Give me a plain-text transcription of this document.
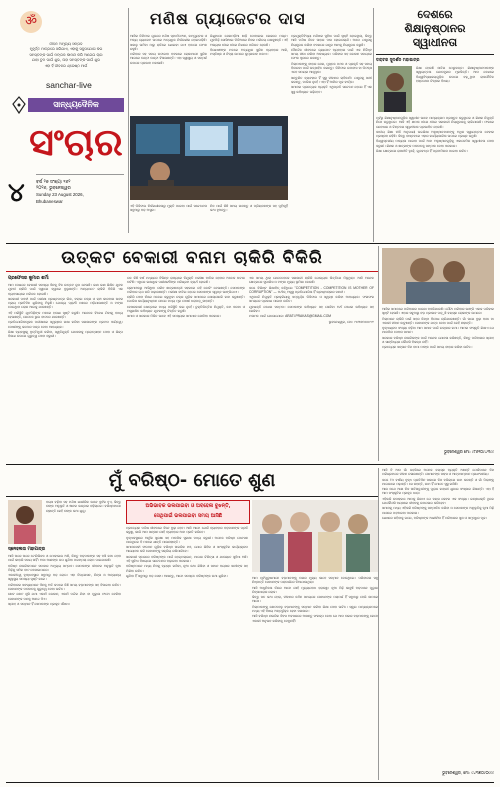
ॐ
ଜୀବନ ଅମୂଲ୍ୟ ସମ୍ପଦ
ମୁହୂର୍ତ୍ତ ମାତ୍ରରେ ସରିଯାଏ, ଏହାକୁ ସଦୁପଯୋଗ କର
ସମସ୍ତଙ୍କ ପାଇଁ ମଙ୍ଗଳ କାମନା କରି ଆଗେଇ ଚାଲ
ଯାହା ତୁମ ପାଇଁ ଶୁଭ, ତାହା ସମସ୍ତଙ୍କ ପାଇଁ ଶୁଭ
ଏହା ହିଁ ଜୀବନର ଶ୍ରେଷ୍ଠ ମାର୍ଗ
sanchar-live
ସାନ୍ଧ୍ୟଦୈନିକ
ସଂଚାର
୪	ବର୍ଷ ୨୭ ସଂଖ୍ୟା ୧୬୨
୨୦୨୬, ଭୁବନେଶ୍ୱର
Sunday 23 August 2026,
Bhubaneswar
ମଣିଷ ଗ୍ୟାଜେଟର ଦାସ

ଆଜିର ଡିଜିଟାଲ ଯୁଗରେ ମଣିଷ ସ୍ମାର୍ଟଫୋନ, କମ୍ପ୍ୟୁଟର ଓ ଅନ୍ୟ ଗ୍ୟାଜେଟ ଉପରେ ଅତ୍ୟଧିକ ନିର୍ଭରଶୀଳ ହୋଇପଡ଼ିଛି। ସକାଳୁ ଉଠିବା ଠାରୁ ରାତିରେ ଶୋଇବା ଯାଏ ହାତରେ ଫୋନ ରହୁଛି।

ପରିବାର ସହ ସମୟ କଟାଇବା ବଦଳରେ ଲୋକମାନେ ସ୍କ୍ରିନ ଆଗରେ ଘଣ୍ଟା ଘଣ୍ଟା ବିତାଉଛନ୍ତି। ଏହା ସ୍ୱାସ୍ଥ୍ୟ ଓ ସମ୍ପର୍କ ଉପରେ ପ୍ରଭାବ ପକାଉଛି।

ଶିଶୁମାନେ ଖେଳପଡ଼ିଆ ଛାଡ଼ି ମୋବାଇଲ ଖେଳରେ ମଗ୍ନ। ଯୁବପିଢ଼ି ସୋସିଆଲ ମିଡିଆରେ ନିଜର ପରିଚୟ ଖୋଜୁଛନ୍ତି। ଏହି ଅଭ୍ୟାସ ଧୀରେ ଧୀରେ ନିଶାରେ ପରିଣତ ହେଉଛି।

ବିଶେଷଜ୍ଞଙ୍କ ମତରେ ଅତ୍ୟଧିକ ସ୍କ୍ରିନ ବ୍ୟବହାର ଆଖି, ମସ୍ତିଷ୍କ ଓ ନିଦ୍ରା ଉପରେ କୁପ୍ରଭାବ ପକାଏ।

ପ୍ରଯୁକ୍ତିବିଦ୍ୟା ମଣିଷର ସୁବିଧା ପାଇଁ ସୃଷ୍ଟି ହୋଇଥିଲା, କିନ୍ତୁ ଆଜି ମଣିଷ ନିଜେ ତାହାର ଦାସ ହୋଇଗଲାଣି। ଆମେ ଯନ୍ତ୍ରକୁ ନିୟନ୍ତ୍ରଣ କରିବା ବଦଳରେ ଯନ୍ତ୍ର ଆମକୁ ନିୟନ୍ତ୍ରଣ କରୁଛି।

ଦୈନନ୍ଦିନ ଜୀବନରେ ଗ୍ୟାଜେଟ ବ୍ୟବହାର ପାଇଁ ଏକ ନିର୍ଦ୍ଦିଷ୍ଟ ସମୟ ସୀମା ରଖିବା ଆବଶ୍ୟକ। ପରିବାର ସହ ଭୋଜନ ସମୟରେ ଫୋନ ଦୂରରେ ରଖନ୍ତୁ।

ପିଲାମାନଙ୍କୁ ବାହାର ଖେଳ, ପୁସ୍ତକ ପଠନ ଓ ପ୍ରକୃତି ସହ ସମୟ ବିତାଇବା ପାଇଁ ଉତ୍ସାହିତ କରନ୍ତୁ। ଡିଜିଟାଲ ଉପବାସ ବା ଡିଟକ୍ସ ଏବେ ସମୟର ଆହ୍ୱାନ।

ସନ୍ତୁଳିତ ବ୍ୟବହାର ହିଁ ସୁସ୍ଥ ଜୀବନର ଚାବିକାଠି। ଯନ୍ତ୍ରକୁ ସାଥୀ କରନ୍ତୁ, ମାଲିକ ନୁହେଁ। ଏହା ହିଁ ଆଜିର ମୂଳ ବାର୍ତ୍ତା।

ସମାଜର ପ୍ରତ୍ୟେକ ବ୍ୟକ୍ତି ଏଥିପ୍ରତି ସଚେତନ ହେଲେ ହିଁ ଏକ ସୁସ୍ଥ ଭବିଷ୍ୟତ ଗଢ଼ିହେବ।

ଏହି ଡିଜିଟାଲ ନିର୍ଭରଶୀଳତାରୁ ମୁକ୍ତି ପାଇବା ପାଇଁ ସଚେତନତା ସବୁଠାରୁ ବଡ଼ ଅସ୍ତ୍ର।

ନିଜ ପାଇଁ କିଛି ସମୟ ରଖନ୍ତୁ ଓ ପ୍ରିୟଜନଙ୍କ ସହ ମୁହାଁମୁହିଁ କଥା ହୁଅନ୍ତୁ।

ଦେଶରେ
ଶିକ୍ଷାନୁଷ୍ଠାନର
ସ୍ୱାଧୀନତା
ଡକ୍ଟର ସୁଦର୍ଶନ ମହାପାତ୍ର

ଶିକ୍ଷା ହେଉଛି ଜାତିର ମେରୁଦଣ୍ଡ। ଶିକ୍ଷାନୁଷ୍ଠାନମାନଙ୍କ ସ୍ୱାୟତ୍ତତା ଗଣତନ୍ତ୍ରର ମୂଳଭିତ୍ତି। ଆମ ଦେଶରେ ବିଶ୍ୱବିଦ୍ୟାଳୟଗୁଡ଼ିକ ଉପରେ ବଢ଼ୁଥିବା ରାଜନୈତିକ ହସ୍ତକ୍ଷେପ ଚିନ୍ତାର ବିଷୟ।

ପୂର୍ବରୁ ଶିକ୍ଷାନୁଷ୍ଠାନଗୁଡ଼ିକ ସ୍ୱାଧୀନ ଭାବେ ପାଠ୍ୟକ୍ରମ ପ୍ରସ୍ତୁତ କରୁଥିଲେ ଓ ଶିକ୍ଷକ ନିଯୁକ୍ତି ନିଜେ କରୁଥିଲେ। ଆଜି ଏହି କ୍ଷମତା ଧୀରେ ଧୀରେ ସରକାରୀ ନିୟନ୍ତ୍ରଣକୁ ଚାଲିଯାଉଛି। ଫଳରେ ଗବେଷଣା ଓ ଚିନ୍ତନର ସ୍ୱାଧୀନତା ପ୍ରଭାବିତ ହେଉଛି।

ଜାତୀୟ ଶିକ୍ଷା ନୀତି ଅନୁଯାୟୀ ଉଚ୍ଚଶିକ୍ଷା ଅନୁଷ୍ଠାନମାନଙ୍କୁ ଅଧିକ ସ୍ୱାୟତ୍ତତା ଦେବାର ପ୍ରସ୍ତାବ ରହିଛି। କିନ୍ତୁ ବାସ୍ତବରେ ଏହାର କାର୍ଯ୍ୟକାରିତା ଉପରେ ପ୍ରଶ୍ନ ଉଠୁଛି।

ବିଶ୍ୱସ୍ତରୀୟ ମାନ୍ୟତା ପାଇବା ପାଇଁ ଆମ ଅନୁଷ୍ଠାନଗୁଡ଼ିକୁ ଏକାଡେମିକ ସ୍ୱାଧୀନତା ଦେବା ଜରୁରୀ। ଶିକ୍ଷକ ଓ ଛାତ୍ରଙ୍କ ମତାମତକୁ ସମ୍ମାନ ଦେବା ଦରକାର।

ଶିକ୍ଷା କ୍ଷେତ୍ରରେ ରାଜନୀତି ନୁହେଁ, ଗୁଣବତ୍ତା ହିଁ ପ୍ରାଥମିକତା ପାଇବା ଉଚିତ।

ଉତ୍କଟ ବେକାରୀ ବନାମ ଚାକିରି ବିକିରି
ପ୍ରଫେସର କୁମାର ଶର୍ମା

ଆମ ଦେଶରେ ବେକାରୀ ସମସ୍ୟା ଦିନକୁ ଦିନ ଉତ୍କଟ ରୂପ ନେଉଛି। ଲକ୍ଷ ଲକ୍ଷ ଶିକ୍ଷିତ ଯୁବକ ଯୁବତୀ ଚାକିରି ପାଇଁ ଦ୍ୱାରେ ଦ୍ୱାରେ ବୁଲୁଛନ୍ତି। ଅନ୍ୟପଟେ ଚାକିରି ବିକିରି ଏକ ବ୍ୟବସାୟରେ ପରିଣତ ହୋଇଛି।

ସରକାରୀ ପଦବୀ ପାଇଁ ପରୀକ୍ଷା ପ୍ରଶ୍ନପତ୍ର ଲିକ, ଦଲାଲ ଚକ୍ର ଓ ଲାଞ୍ଚ କାରବାର ଖବର ପ୍ରାୟ ପ୍ରତିଦିନ ଶୁଣିବାକୁ ମିଳୁଛି। ଯୋଗ୍ୟ ପ୍ରାର୍ଥୀ ପଛରେ ପଡ଼ିଯାଉଛନ୍ତି ଓ ଟଙ୍କା ଦେଇଥିବା ଲୋକ ଆଗକୁ ଯାଉଛନ୍ତି।

ଏହି ପରିସ୍ଥିତି ଯୁବପିଢ଼ିଙ୍କ ମନରେ ହତାଶା ସୃଷ୍ଟି କରୁଛି। ଅନେକେ ବିଦେଶ ଯିବାକୁ ବାଧ୍ୟ ହେଉଛନ୍ତି, କେତେକ ଭୁଲ ବାଟରେ ଯାଉଛନ୍ତି।

ପ୍ରତିଯୋଗିତାମୂଳକ ପରୀକ୍ଷାରେ ସ୍ୱଚ୍ଛତା ରକ୍ଷା କରିବା ସରକାରଙ୍କ ପ୍ରଥମ ଦାୟିତ୍ୱ। ଦୋଷୀଙ୍କୁ କଠୋର ଦଣ୍ଡ ଦେବା ଆବଶ୍ୟକ।

ଶିକ୍ଷା ବ୍ୟବସ୍ଥାକୁ ବୃତ୍ତିମୁଖୀ କରିବା, ସ୍ୱନିଯୁକ୍ତି ଯୋଜନାକୁ ପ୍ରୋତ୍ସାହନ ଦେବା ଓ ଶିଳ୍ପ ବିକାଶ ଉପରେ ଗୁରୁତ୍ୱ ଦେବା ଜରୁରୀ।

ଗତ କିଛି ବର୍ଷ ମଧ୍ୟରେ ବିଭିନ୍ନ ରାଜ୍ୟରେ ନିଯୁକ୍ତି ପରୀକ୍ଷା ବାତିଲ ହେବାର ଅନେକ ଘଟଣା ଘଟିଛି। ଏଥିରେ ଲକ୍ଷାଧିକ ପରୀକ୍ଷାର୍ଥୀଙ୍କ ପରିଶ୍ରମ ବ୍ୟର୍ଥ ହୋଇଛି।

ଗ୍ରାମାଞ୍ଚଳରୁ ଆସିଥିବା ଗରିବ ଛାତ୍ରଛାତ୍ରୀ ସହରରେ ରହି କୋଚିଂ ନେଉଛନ୍ତି। ସେମାନଙ୍କ ପରିବାର ଋଣ କରି ପଢ଼ାଉଛନ୍ତି। ପରୀକ୍ଷା ବାତିଲ ହେଲେ ସେମାନଙ୍କ ସ୍ୱପ୍ନ ଭାଙ୍ଗିଯାଏ।

ଚାକିରି ଦେବା ନାଁରେ ଠକେଇ କରୁଥିବା ଚକ୍ର ଗୁଡ଼ିକ ସମାଜରେ ଖୋଲାଖୋଲି କାମ କରୁଛନ୍ତି। ପୋଲିସ କାର୍ଯ୍ୟାନୁଷ୍ଠାନ ନେଲେ ମଧ୍ୟ ମୂଳ ଦୋଷୀ ଧରାପଡ଼ୁନାହାନ୍ତି।

ବେସରକାରୀ କ୍ଷେତ୍ରରେ ମଧ୍ୟ ପରିସ୍ଥିତି ଭଲ ନୁହେଁ। ଚୁକ୍ତିଭିତ୍ତିକ ନିଯୁକ୍ତି, କମ ଦରମା ଓ ଅସୁରକ୍ଷିତ ଭବିଷ୍ୟତ ଯୁବକଙ୍କୁ ଚିନ୍ତିତ କରୁଛି।

ସମାଜ ଓ ସରକାର ମିଳିତ ଭାବେ ଏହି ସମସ୍ୟାର ସମାଧାନ ଖୋଜିବା ଦରକାର।

ଏକ ସମୟ ଥିଲା ଯେତେବେଳେ ସରକାରୀ ଚାକିରି ଯୋଗ୍ୟତା ଭିତ୍ତିରେ ମିଳୁଥିଲା। ଆଜି ଅନେକ କ୍ଷେତ୍ରରେ ସୁପାରିସ ଓ ଟଙ୍କା ମୁଖ୍ୟ ଭୂମିକା ନେଉଛି।

ଜଣେ ବିଶିଷ୍ଟ ଶିକ୍ଷାବିତ୍ କହିଥିଲେ "COMPETITION - COMPETITION IS MOTHER OF CORRUPTION" — ଅର୍ଥାତ୍ ଅସୁସ୍ଥ ପ୍ରତିଯୋଗିତା ହିଁ ଭ୍ରଷ୍ଟାଚାରର ଜନନୀ।

ଏଥିପାଇଁ ନିଯୁକ୍ତି ପ୍ରକ୍ରିୟାକୁ ସମ୍ପୂର୍ଣ୍ଣ ଡିଜିଟାଲ ଓ ସ୍ୱଚ୍ଛ କରିବା ଆବଶ୍ୟକ। ଫଳାଫଳ ସମୟରେ ପ୍ରକାଶ ପାଇବା ଉଚିତ।

ଯୁବଶକ୍ତି ଦେଶର ସମ୍ପଦ। ସେମାନଙ୍କ ଭବିଷ୍ୟତ ସହ ଖେଳିବା ଅର୍ଥ ଦେଶର ଭବିଷ୍ୟତ ସହ ଖେଳିବା।

ମତାମତ ପାଇଁ ଯୋଗାଯୋଗ: ARATI.PRAKAS@GMAIL.COM

ଭୁବନେଶ୍ୱର, ମୋ: ୯୪୩୭୦୪୪୯୯୯

ଆଜିର ସମାଜରେ ପରିବାରର ଧାରଣା ବଦଳିଯାଉଛି। ଯୌଥ ପରିବାର ଭାଙ୍ଗି ଏକକ ପରିବାର ସୃଷ୍ଟି ହେଉଛି। ଏହାର ସବୁଠାରୁ ବଡ଼ ପ୍ରଭାବ ପଡ଼ୁଛି ବୟସ୍କ ଲୋକଙ୍କ ଉପରେ।

ପିଲାମାନେ ଚାକିରି ପାଇଁ ସହର କିମ୍ବା ବିଦେଶ ଚାଲିଯାଉଛନ୍ତି। ଗାଁ ଘରେ ବୁଢ଼ା ବାପା ମା ଏକାକୀ ଜୀବନ କାଟୁଛନ୍ତି। ସେମାନଙ୍କ ଯତ୍ନ ନେବା ପାଇଁ କେହି ନାହାନ୍ତି।

ବୃଦ୍ଧାଶ୍ରମ ସଂଖ୍ୟା ବଢ଼ିବା ଆମ ସମାଜ ପାଇଁ ଲଜ୍ଜାର କଥା। ଆମର ସଂସ୍କୃତି ଶିଖାଏ ଯେ ମାତାପିତା ଦେବତା ସମାନ।

ସରକାର ବରିଷ୍ଠ ନାଗରିକଙ୍କ ପାଇଁ ଅନେକ ଯୋଜନା କରିଛନ୍ତି, କିନ୍ତୁ ପରିବାରର ସ୍ନେହ ଓ ସାନ୍ନିଧ୍ୟର କୌଣସି ବିକଳ୍ପ ନାହିଁ।

ପ୍ରତ୍ୟେକ ସନ୍ତାନ ନିଜ ବାପା ମାଙ୍କ ପାଇଁ ସମୟ ବାହାର କରିବା ଉଚିତ।

ଭୁବନେଶ୍ୱର ମୋ: ୯୮୬୧୦୯୪୩୯୯
ମୁଁ ବରିଷ୍ଠ- ମୋତେ ଶୁଣ
ସ୍ନେହଲତା ମହାପାତ୍ର

ବୟସ ବଢ଼ିବା ସହ ମଣିଷ ଶାରୀରିକ ଭାବେ ଦୁର୍ବଳ ହୁଏ, କିନ୍ତୁ ତାଙ୍କ ଅନୁଭୂତି ଓ ଜ୍ଞାନର ଭଣ୍ଡାର ବଢ଼ିଚାଲେ। ବରିଷ୍ଠମାନେ ଚାହାନ୍ତି କେହି ତାଙ୍କ କଥା ଶୁଣୁ।

ଆଜି ଘରେ ଘରେ ଟେଲିଭିଜନ ଓ ମୋବାଇଲ ଅଛି, କିନ୍ତୁ ବଡ଼ମାନଙ୍କ ସହ ବସି କଥା ହେବା ପାଇଁ କାହାରି ସମୟ ନାହିଁ। ଅଜା ଆଈଙ୍କ ଗପ ଶୁଣିବା ପରମ୍ପରା ଲୋପ ପାଇଯାଉଛି।

ବରିଷ୍ଠ ନାଗରିକମାନେ ସମାଜର ଅମୂଲ୍ୟ ସମ୍ପଦ। ସେମାନଙ୍କ ଜୀବନର ଅନୁଭୂତି ନୂଆ ପିଢ଼ିକୁ ସଠିକ ବାଟ ଦେଖାଇପାରେ।

ଏକାକୀତ୍ୱ ବୃଦ୍ଧାବସ୍ଥାର ସବୁଠାରୁ ବଡ଼ ରୋଗ। ଏହା ଡିପ୍ରେସନ, ଚିନ୍ତା ଓ ଅନ୍ୟାନ୍ୟ ସ୍ୱାସ୍ଥ୍ୟ ସମସ୍ୟା ସୃଷ୍ଟି କରେ।

ପରିବାରର ସଦସ୍ୟମାନେ ଦିନକୁ ଅତି କମରେ କିଛି ସମୟ ବଡ଼ମାନଙ୍କ ସହ ବିତାଇବା ଉଚିତ। ସେମାନଙ୍କ ମତାମତକୁ ଗୁରୁତ୍ୱ ଦେବା ଉଚିତ।

ଛୋଟ ଛୋଟ ଖୁସି ଯଥା ଏକାଠି ଭୋଜନ, ଏକାଠି ମନ୍ଦିର ଯିବା ବା ପୁରୁଣା ଫଟୋ ଦେଖିବା ସେମାନଙ୍କ ମନକୁ ଆନନ୍ଦ ଦିଏ।

ସ୍ନେହ ଓ ସମ୍ମାନ ହିଁ ସେମାନଙ୍କ ପ୍ରକୃତ ଔଷଧ।

ଅଭିଭାବକ ଭଲପାଇବା ଓ ଅବହେଳା ବୁଝନ୍ତି,
ସେଥିପାଇଁ ଭଲପାଇବା ସମୟ ଆସିଛି

ପ୍ରତ୍ୟେକ ମଣିଷ ଜୀବନରେ ଦିନେ ବୁଢ଼ା ହେବ। ଆଜି ଆମେ ଯେଉଁ ବ୍ୟବହାର ବଡ଼ମାନଙ୍କ ପ୍ରତି କରୁଛୁ, କାଲି ଆମ ସନ୍ତାନ ସେହି ବ୍ୟବହାର ଆମ ପ୍ରତି କରିବେ।

ବୃଦ୍ଧାବସ୍ଥାରେ ଆର୍ଥିକ ସୁରକ୍ଷା ସହ ମାନସିକ ସୁରକ୍ଷା ମଧ୍ୟ ଜରୁରୀ। ଅନେକ ବରିଷ୍ଠ ପେନସନ ପାଉଥିଲେ ବି ମନରେ ଶାନ୍ତି ପାଉନାହାନ୍ତି।

ସମାଜସେବୀ ସଂଗଠନ ଗୁଡ଼ିକ ବରିଷ୍ଠ ନାଗରିକ ମଞ୍ଚ, ଯୋଗ ଶିବିର ଓ ସାଂସ୍କୃତିକ କାର୍ଯ୍ୟକ୍ରମ ଆୟୋଜନ କରି ସେମାନଙ୍କୁ ସକ୍ରିୟ ରଖିପାରିବେ।

ସରକାରୀ ସ୍ତରରେ ବରିଷ୍ଠଙ୍କ ପାଇଁ ହେଲ୍ପଲାଇନ, ମାଗଣା ଚିକିତ୍ସା ଓ ଯାତାୟାତ ସୁବିଧା ଅଛି। ଏହି ସୁବିଧା ବିଷୟରେ ସଚେତନତା ବଢ଼ାଇବା ଦରକାର।

ବରିଷ୍ଠମାନେ ମଧ୍ୟ ନିଜକୁ ବ୍ୟସ୍ତ ରଖିବା, ନୂଆ କଥା ଶିଖିବା ଓ ସମାନ ବୟସର ସାଥୀଙ୍କ ସହ ମିଶିବା ଉଚିତ।

ଶୁଣିବା ହିଁ ସବୁଠାରୁ ବଡ଼ ସେବା। ଆସନ୍ତୁ, ଆମେ ସମସ୍ତେ ବରିଷ୍ଠଙ୍କ କଥା ଶୁଣିବା।

ଆମ ପୂର୍ବପୁରୁଷମାନେ ବଡ଼ମାନଙ୍କୁ ଘରର ମୁଖ୍ୟ ଭାବେ ସମ୍ମାନ ଦେଉଥିଲେ। ପରିବାରର ସବୁ ନିଷ୍ପତ୍ତି ସେମାନଙ୍କ ପରାମର୍ଶରେ ନିଆଯାଉଥିଲା।

ଆଜି ଆଧୁନିକତା ନାଁରେ ଆମେ ସେହି ମୂଲ୍ୟବୋଧ ହରାଉଛୁ। ନୂଆ ପିଢ଼ି ଭାବୁଛି ବଡ଼ମାନେ ପୁରୁଣା ଚିନ୍ତାଧାରାର ଲୋକ।

କିନ୍ତୁ ସତ କଥା ହେଲା, ଜୀବନର କଠିନ ସମୟରେ ସେମାନଙ୍କ ପରାମର୍ଶ ହିଁ ସବୁଠାରୁ ବେଶି କାମରେ ଆସେ।

ପିଲାମାନଙ୍କୁ ଛୋଟବେଳୁ ବଡ଼ମାନଙ୍କୁ ସମ୍ମାନ କରିବା ଶିକ୍ଷା ଦେବା ଉଚିତ। ସ୍କୁଲ ପାଠ୍ୟକ୍ରମରେ ମଧ୍ୟ ଏହି ବିଷୟ ଅନ୍ତର୍ଭୁକ୍ତ ହେବା ଦରକାର।

ଆଜି ବରିଷ୍ଠ ନାଗରିକ ଦିବସ ଅବସରରେ ଆସନ୍ତୁ ସଂକଳ୍ପ ନେବା ଯେ ଆମ ଘରର ବଡ଼ମାନଙ୍କୁ କେବେ ଏକାକୀ ଅନୁଭବ କରିବାକୁ ଦେବୁନାହିଁ।

ଆଜି ବି ଆମ ଗାଁ ଗହଳିରେ ଅନେକ ବୟସ୍କ ବ୍ୟକ୍ତି ଅଛନ୍ତି ଯେଉଁମାନେ ନିଜ ପରିଶ୍ରମରେ ଜୀବନ ଚଳାଉଛନ୍ତି। ସେମାନଙ୍କ ସାହସ ଓ ଆତ୍ମସମ୍ମାନ ପ୍ରଶଂସନୀୟ।

ଜଣେ ୮୦ ବର୍ଷୀୟ ବୃଦ୍ଧ ପ୍ରତିଦିନ ସକାଳେ ନିଜ ବଗିଚାରେ କାମ କରନ୍ତି ଓ ଗାଁ ପିଲାଙ୍କୁ ମାଗଣାରେ ପଢ଼ାନ୍ତି। ସେ କହନ୍ତି, କାମ ହିଁ ମୋତେ ସୁସ୍ଥ ରଖିଛି।

ଆଉ ଜଣେ ଆଈ ନିଜ ନାତିନାତୁଣୀଙ୍କୁ ପୁରାଣ କାହାଣୀ ଶୁଣାଇ ସଂସ୍କାର ଶିଖାନ୍ତି। ଏହା ହିଁ ଆମ ସଂସ୍କୃତିର ପ୍ରକୃତ ଧାରା।

ଏହିଭଳି ଉଦାହରଣ ଆମକୁ ଶିଖାଏ ଯେ ବୟସ କେବଳ ଏକ ସଂଖ୍ୟା। ଇଚ୍ଛାଶକ୍ତି ଥିଲେ ଯେକୌଣସି ବୟସରେ ଜୀବନକୁ ଉପଭୋଗ କରିହେବ।

ସମାଜକୁ ମଧ୍ୟ ଏହିଭଳି ବରିଷ୍ଠଙ୍କୁ ସମ୍ମାନିତ କରିବା ଓ ସେମାନଙ୍କ ଅନୁଭୂତିକୁ ନୂଆ ପିଢ଼ି ପାଖରେ ପହଞ୍ଚାଇବା ଦରକାର।

ଶେଷରେ କହିବାକୁ ଗଲେ, ବରିଷ୍ଠଙ୍କ ଆଶୀର୍ବାଦ ହିଁ ପରିବାରର ସୁଖ ଓ ସମୃଦ୍ଧିର ମୂଳ।

ଭୁବନେଶ୍ୱର, ମୋ: ୯୪୩୭୦୯୦୯୯୯
